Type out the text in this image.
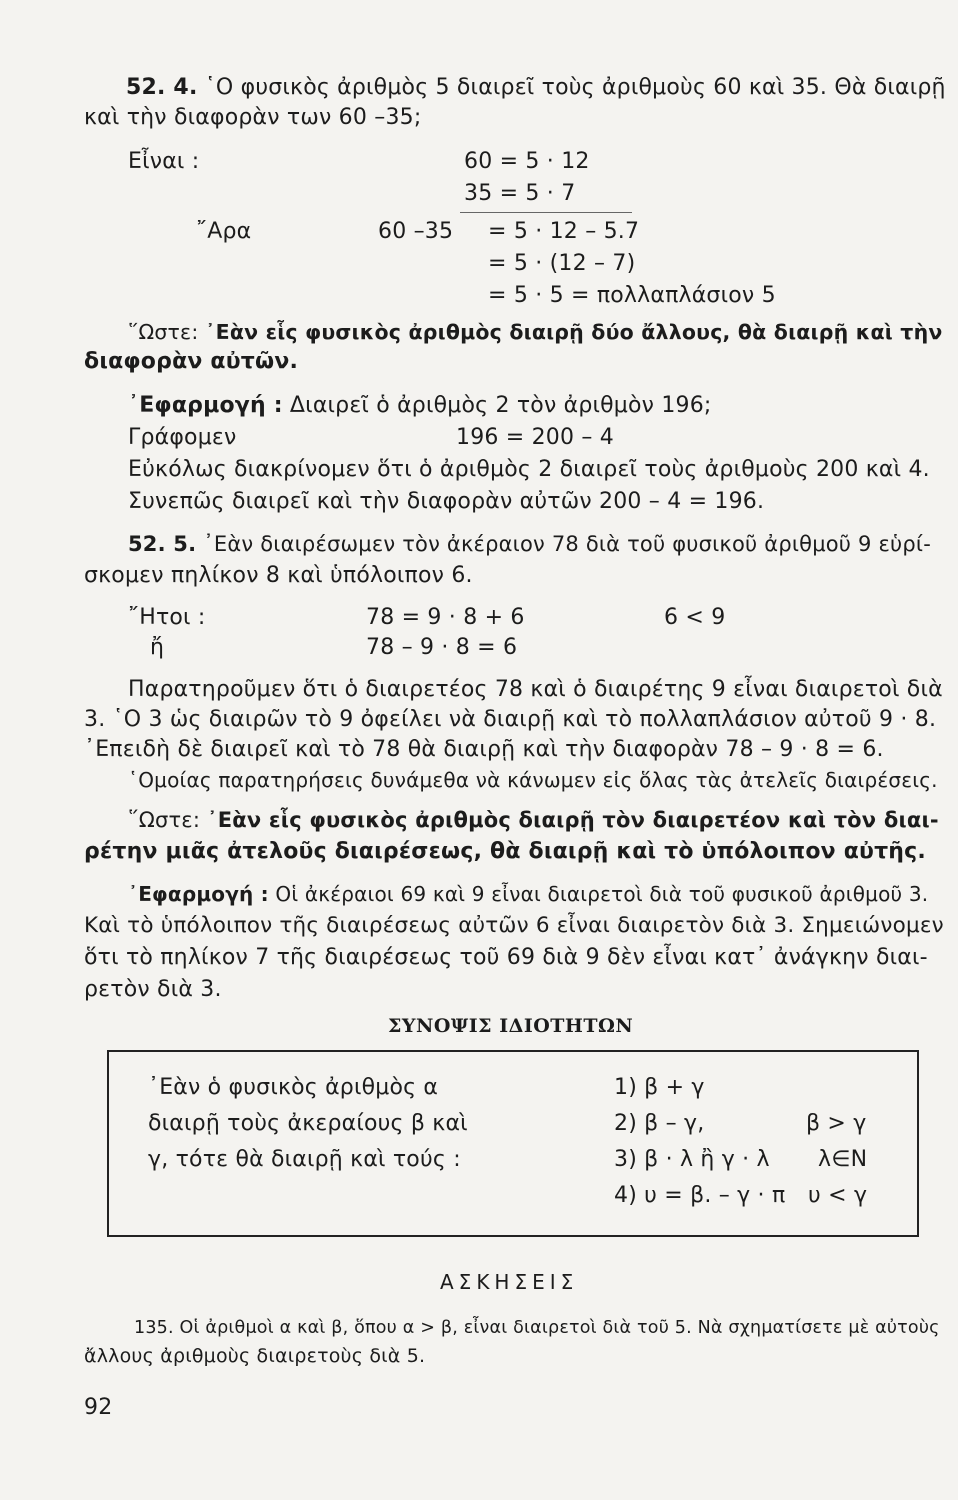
52. 4. ῾Ο φυσικὸς ἀριθμὸς 5 διαιρεῖ τοὺς ἀριθμοὺς 60 καὶ 35. Θὰ διαιρῇ
καὶ τὴν διαφορὰν των 60 –35;
Εἶναι :	60 = 5 · 12
35 = 5 · 7
῎Αρα	60 –35 = 5 · 12 – 5.7
= 5 · (12 – 7)
= 5 · 5 = πολλαπλάσιον 5
῞Ωστε: ᾿Εὰν εἷς φυσικὸς ἀριθμὸς διαιρῇ δύο ἄλλους, θὰ διαιρῇ καὶ τὴν
διαφορὰν αὐτῶν.
᾿Εφαρμογή : Διαιρεῖ ὁ ἀριθμὸς 2 τὸν ἀριθμὸν 196;
Γράφομεν	196 = 200 – 4
Εὐκόλως διακρίνομεν ὅτι ὁ ἀριθμὸς 2 διαιρεῖ τοὺς ἀριθμοὺς 200 καὶ 4.
Συνεπῶς διαιρεῖ καὶ τὴν διαφορὰν αὐτῶν 200 – 4 = 196.
52. 5. ᾿Εὰν διαιρέσωμεν τὸν ἀκέραιον 78 διὰ τοῦ φυσικοῦ ἀριθμοῦ 9 εὑρί-
σκομεν πηλίκον 8 καὶ ὑπόλοιπον 6.
῎Ητοι :	78 = 9 · 8 + 6	6 < 9
ἤ	78 – 9 · 8 = 6
Παρατηροῦμεν ὅτι ὁ διαιρετέος 78 καὶ ὁ διαιρέτης 9 εἶναι διαιρετοὶ διὰ
3. ῾Ο 3 ὡς διαιρῶν τὸ 9 ὀφείλει νὰ διαιρῇ καὶ τὸ πολλαπλάσιον αὐτοῦ 9 · 8.
᾿Επειδὴ δὲ διαιρεῖ καὶ τὸ 78 θὰ διαιρῇ καὶ τὴν διαφορὰν 78 – 9 · 8 = 6.
῾Ομοίας παρατηρήσεις δυνάμεθα νὰ κάνωμεν εἰς ὅλας τὰς ἀτελεῖς διαιρέσεις.
῞Ωστε: ᾿Εὰν εἷς φυσικὸς ἀριθμὸς διαιρῇ τὸν διαιρετέον καὶ τὸν διαι-
ρέτην μιᾶς ἀτελοῦς διαιρέσεως, θὰ διαιρῇ καὶ τὸ ὑπόλοιπον αὐτῆς.
᾿Εφαρμογή : Οἱ ἀκέραιοι 69 καὶ 9 εἶναι διαιρετοὶ διὰ τοῦ φυσικοῦ ἀριθμοῦ 3.
Καὶ τὸ ὑπόλοιπον τῆς διαιρέσεως αὐτῶν 6 εἶναι διαιρετὸν διὰ 3. Σημειώνομεν
ὅτι τὸ πηλίκον 7 τῆς διαιρέσεως τοῦ 69 διὰ 9 δὲν εἶναι κατ᾿ ἀνάγκην διαι-
ρετὸν διὰ 3.
ΣΥΝΟΨΙΣ ΙΔΙΟΤΗΤΩΝ
᾿Εὰν ὁ φυσικὸς ἀριθμὸς α
διαιρῇ τοὺς ἀκεραίους β καὶ
γ, τότε θὰ διαιρῇ καὶ τούς :
1) β + γ
2) β – γ,	β > γ
3) β · λ ἢ γ · λ λ∈N
4) υ = β. – γ · π υ < γ
ΑΣΚΗΣΕΙΣ
135. Οἱ ἀριθμοὶ α καὶ β, ὅπου α > β, εἶναι διαιρετοὶ διὰ τοῦ 5. Νὰ σχηματίσετε μὲ αὐτοὺς
ἄλλους ἀριθμοὺς διαιρετοὺς διὰ 5.
92
